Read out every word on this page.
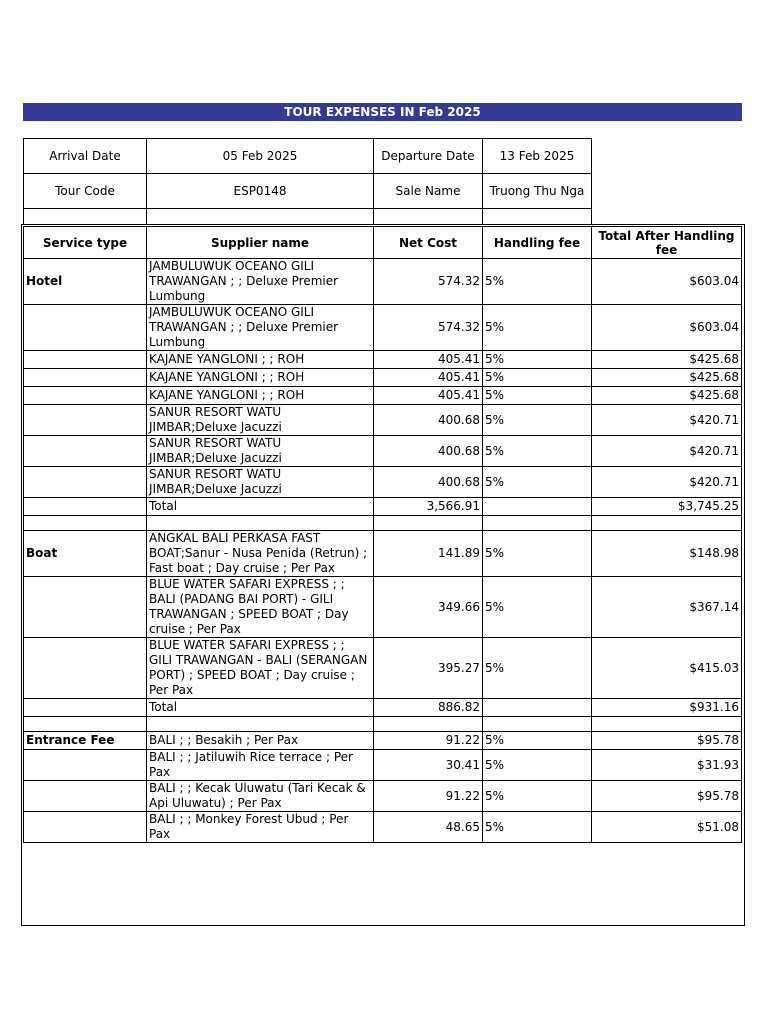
TOUR EXPENSES IN Feb 2025
Arrival Date	05 Feb 2025	Departure Date	13 Feb 2025
Tour Code	ESP0148	Sale Name	Truong Thu Nga

Service type	Supplier name	Net Cost	Handling fee	Total After Handling fee
Hotel	JAMBULUWUK OCEANO GILI TRAWANGAN ; ; Deluxe Premier Lumbung	574.32	5%	$603.04
	JAMBULUWUK OCEANO GILI TRAWANGAN ; ; Deluxe Premier Lumbung	574.32	5%	$603.04
	KAJANE YANGLONI ; ; ROH	405.41	5%	$425.68
	KAJANE YANGLONI ; ; ROH	405.41	5%	$425.68
	KAJANE YANGLONI ; ; ROH	405.41	5%	$425.68
	SANUR RESORT WATU JIMBAR;Deluxe Jacuzzi	400.68	5%	$420.71
	SANUR RESORT WATU JIMBAR;Deluxe Jacuzzi	400.68	5%	$420.71
	SANUR RESORT WATU JIMBAR;Deluxe Jacuzzi	400.68	5%	$420.71
	Total	3,566.91		$3,745.25

Boat	ANGKAL BALI PERKASA FAST BOAT;Sanur - Nusa Penida (Retrun) ; Fast boat ; Day cruise ; Per Pax	141.89	5%	$148.98
	BLUE WATER SAFARI EXPRESS ; ; BALI (PADANG BAI PORT) - GILI TRAWANGAN ; SPEED BOAT ; Day cruise ; Per Pax	349.66	5%	$367.14
	BLUE WATER SAFARI EXPRESS ; ; GILI TRAWANGAN - BALI (SERANGAN PORT) ; SPEED BOAT ; Day cruise ; Per Pax	395.27	5%	$415.03
	Total	886.82		$931.16

Entrance Fee	BALI ; ; Besakih ; Per Pax	91.22	5%	$95.78
	BALI ; ; Jatiluwih Rice terrace ; Per Pax	30.41	5%	$31.93
	BALI ; ; Kecak Uluwatu (Tari Kecak & Api Uluwatu) ; Per Pax	91.22	5%	$95.78
	BALI ; ; Monkey Forest Ubud ; Per Pax	48.65	5%	$51.08
